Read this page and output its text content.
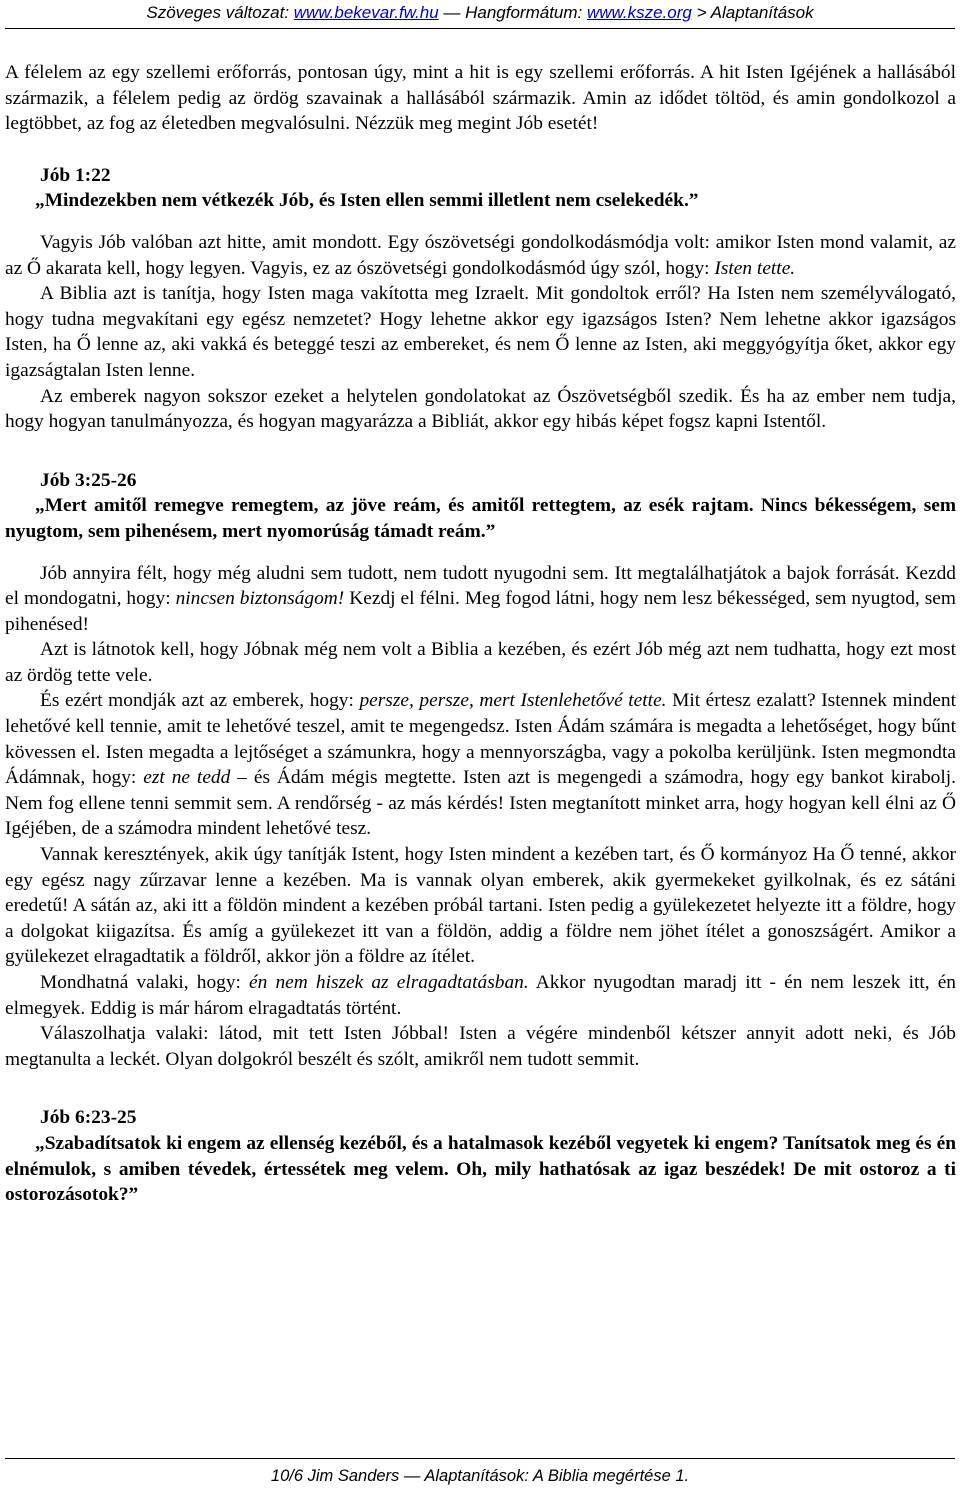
Szöveges változat: www.bekevar.fw.hu — Hangformátum: www.ksze.org > Alaptanítások

A félelem az egy szellemi erőforrás, pontosan úgy, mint a hit is egy szellemi erőforrás. A hit Isten Igéjének a hallásából származik, a félelem pedig az ördög szavainak a hallásából származik. Amin az idődet töltöd, és amin gondolkozol a legtöbbet, az fog az életedben megvalósulni. Nézzük meg megint Jób esetét!

Jób 1:22
„Mindezekben nem vétkezék Jób, és Isten ellen semmi illetlent nem cselekedék.”

Vagyis Jób valóban azt hitte, amit mondott. Egy ószövetségi gondolkodásmódja volt: amikor Isten mond valamit, az az Ő akarata kell, hogy legyen. Vagyis, ez az ószövetségi gondolkodásmód úgy szól, hogy: Isten tette.

A Biblia azt is tanítja, hogy Isten maga vakította meg Izraelt. Mit gondoltok erről? Ha Isten nem személyválogató, hogy tudna megvakítani egy egész nemzetet? Hogy lehetne akkor egy igazságos Isten? Nem lehetne akkor igazságos Isten, ha Ő lenne az, aki vakká és beteggé teszi az embereket, és nem Ő lenne az Isten, aki meggyógyítja őket, akkor egy igazságtalan Isten lenne.

Az emberek nagyon sokszor ezeket a helytelen gondolatokat az Ószövetségből szedik. És ha az ember nem tudja, hogy hogyan tanulmányozza, és hogyan magyarázza a Bibliát, akkor egy hibás képet fogsz kapni Istentől.

Jób 3:25-26
„Mert amitől remegve remegtem, az jöve reám, és amitől rettegtem, az esék rajtam. Nincs békességem, sem nyugtom, sem pihenésem, mert nyomorúság támadt reám.”

Jób annyira félt, hogy még aludni sem tudott, nem tudott nyugodni sem. Itt megtalálhatjátok a bajok forrását. Kezdd el mondogatni, hogy: nincsen biztonságom! Kezdj el félni. Meg fogod látni, hogy nem lesz békességed, sem nyugtod, sem pihenésed!

Azt is látnotok kell, hogy Jóbnak még nem volt a Biblia a kezében, és ezért Jób még azt nem tudhatta, hogy ezt most az ördög tette vele.

És ezért mondják azt az emberek, hogy: persze, persze, mert Istenlehetővé tette. Mit értesz ezalatt? Istennek mindent lehetővé kell tennie, amit te lehetővé teszel, amit te megengedsz. Isten Ádám számára is megadta a lehetőséget, hogy bűnt kövessen el. Isten megadta a lejtőséget a számunkra, hogy a mennyországba, vagy a pokolba kerüljünk. Isten megmondta Ádámnak, hogy: ezt ne tedd – és Ádám mégis megtette. Isten azt is megengedi a számodra, hogy egy bankot kirabolj. Nem fog ellene tenni semmit sem. A rendőrség - az más kérdés! Isten megtanított minket arra, hogy hogyan kell élni az Ő Igéjében, de a számodra mindent lehetővé tesz.

Vannak keresztények, akik úgy tanítják Istent, hogy Isten mindent a kezében tart, és Ő kormányoz Ha Ő tenné, akkor egy egész nagy zűrzavar lenne a kezében. Ma is vannak olyan emberek, akik gyermekeket gyilkolnak, és ez sátáni eredetű! A sátán az, aki itt a földön mindent a kezében próbál tartani. Isten pedig a gyülekezetet helyezte itt a földre, hogy a dolgokat kiigazítsa. És amíg a gyülekezet itt van a földön, addig a földre nem jöhet ítélet a gonoszságért. Amikor a gyülekezet elragadtatik a földről, akkor jön a földre az ítélet.

Mondhatná valaki, hogy: én nem hiszek az elragadtatásban. Akkor nyugodtan maradj itt - én nem leszek itt, én elmegyek. Eddig is már három elragadtatás történt.

Válaszolhatja valaki: látod, mit tett Isten Jóbbal! Isten a végére mindenből kétszer annyit adott neki, és Jób megtanulta a leckét. Olyan dolgokról beszélt és szólt, amikről nem tudott semmit.

Jób 6:23-25
„Szabadítsatok ki engem az ellenség kezéből, és a hatalmasok kezéből vegyetek ki engem? Tanítsatok meg és én elnémulok, s amiben tévedek, értessétek meg velem. Oh, mily hathatósak az igaz beszédek! De mit ostoroz a ti ostorozásotok?”
10/6 Jim Sanders — Alaptanítások: A Biblia megértése 1.
